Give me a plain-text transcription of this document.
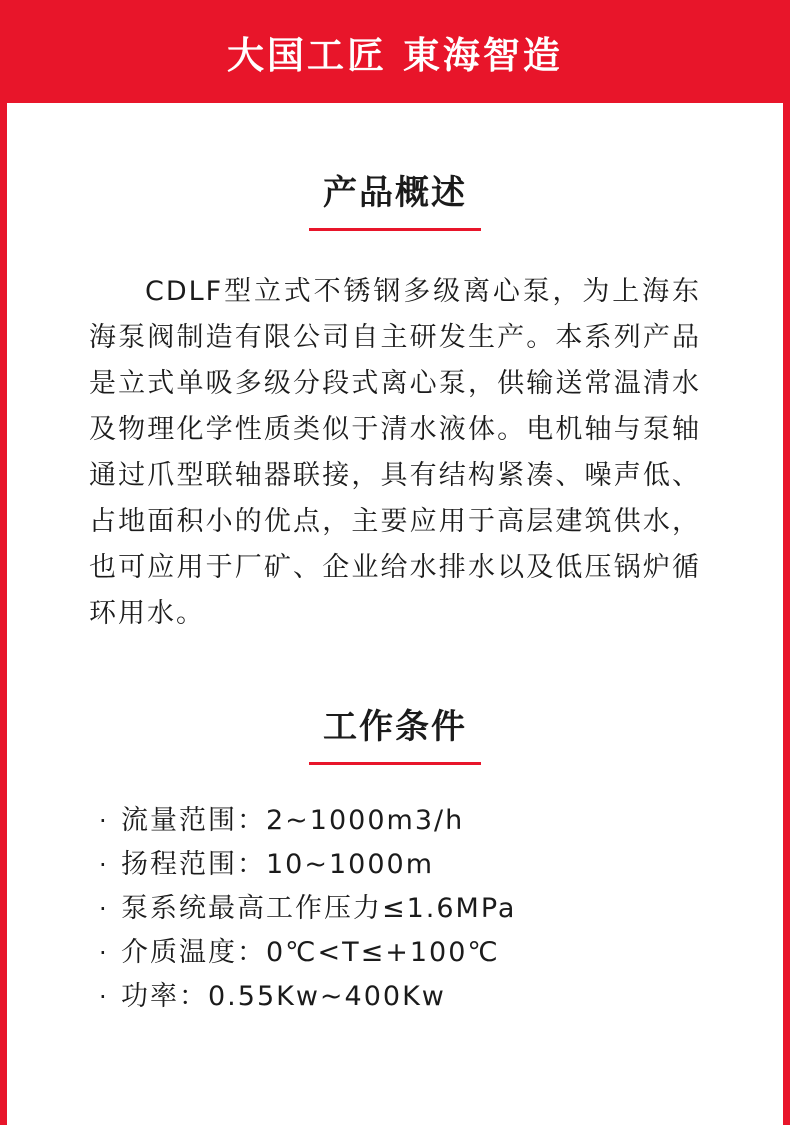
大国工匠 東海智造
产品概述

CDLF型立式不锈钢多级离心泵，为上海东海泵阀制造有限公司自主研发生产。本系列产品是立式单吸多级分段式离心泵，供输送常温清水及物理化学性质类似于清水液体。电机轴与泵轴通过爪型联轴器联接，具有结构紧凑、噪声低、占地面积小的优点，主要应用于高层建筑供水，也可应用于厂矿、企业给水排水以及低压锅炉循环用水。

工作条件
· 流量范围：2~1000m3/h
· 扬程范围：10~1000m
· 泵系统最高工作压力≤1.6MPa
· 介质温度：0℃<T≤+100℃
· 功率：0.55Kw~400Kw
